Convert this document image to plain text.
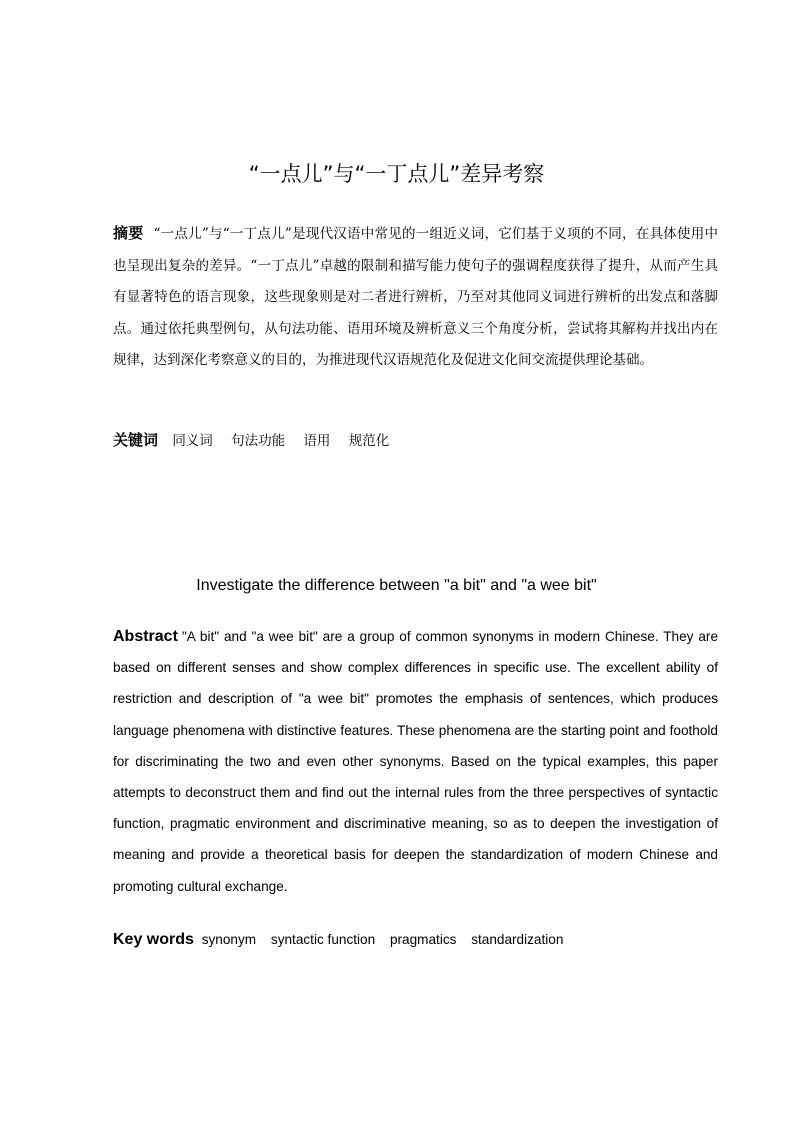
“一点儿”与“一丁点儿”差异考察
摘要 “一点儿”与“一丁点儿”是现代汉语中常见的一组近义词，它们基于义项的不同，在具体使用中也呈现出复杂的差异。“一丁点儿”卓越的限制和描写能力使句子的强调程度获得了提升，从而产生具有显著特色的语言现象，这些现象则是对二者进行辨析，乃至对其他同义词进行辨析的出发点和落脚点。通过依托典型例句，从句法功能、语用环境及辨析意义三个角度分析，尝试将其解构并找出内在规律，达到深化考察意义的目的，为推进现代汉语规范化及促进文化间交流提供理论基础。
关键词 同义词 句法功能 语用 规范化
Investigate the difference between "a bit" and "a wee bit"
Abstract "A bit" and "a wee bit" are a group of common synonyms in modern Chinese. They are based on different senses and show complex differences in specific use. The excellent ability of restriction and description of "a wee bit" promotes the emphasis of sentences, which produces language phenomena with distinctive features. These phenomena are the starting point and foothold for discriminating the two and even other synonyms. Based on the typical examples, this paper attempts to deconstruct them and find out the internal rules from the three perspectives of syntactic function, pragmatic environment and discriminative meaning, so as to deepen the investigation of meaning and provide a theoretical basis for deepen the standardization of modern Chinese and promoting cultural exchange.
Key words synonym syntactic function pragmatics standardization
